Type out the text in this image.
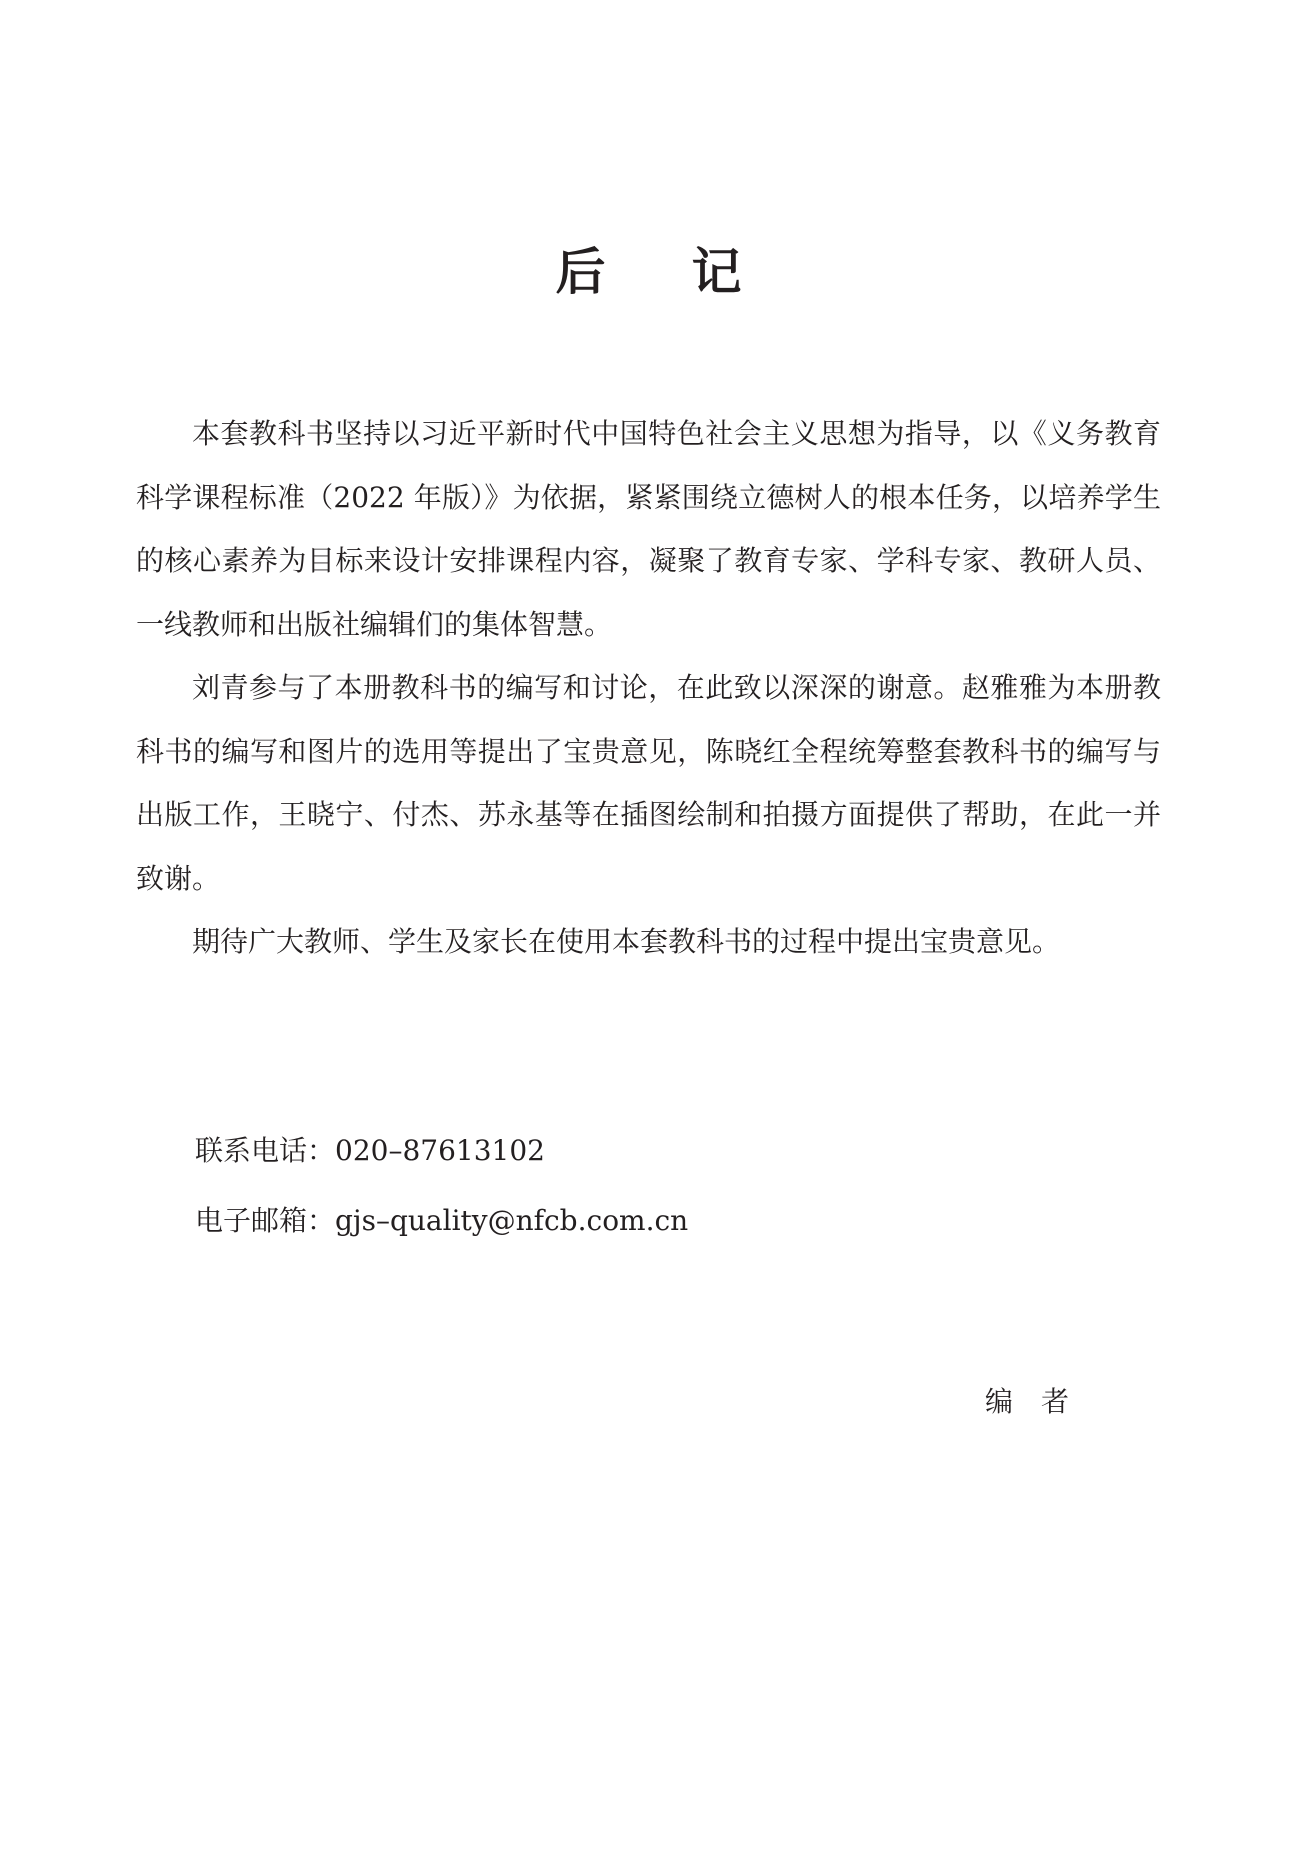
后 记

本套教科书坚持以习近平新时代中国特色社会主义思想为指导，以《义务教育科学课程标准（2022 年版）》为依据，紧紧围绕立德树人的根本任务，以培养学生的核心素养为目标来设计安排课程内容，凝聚了教育专家、学科专家、教研人员、一线教师和出版社编辑们的集体智慧。

刘青参与了本册教科书的编写和讨论，在此致以深深的谢意。赵雅雅为本册教科书的编写和图片的选用等提出了宝贵意见，陈晓红全程统筹整套教科书的编写与出版工作，王晓宁、付杰、苏永基等在插图绘制和拍摄方面提供了帮助，在此一并致谢。

期待广大教师、学生及家长在使用本套教科书的过程中提出宝贵意见。

联系电话：020–87613102
电子邮箱：gjs–quality@nfcb.com.cn
编　者
